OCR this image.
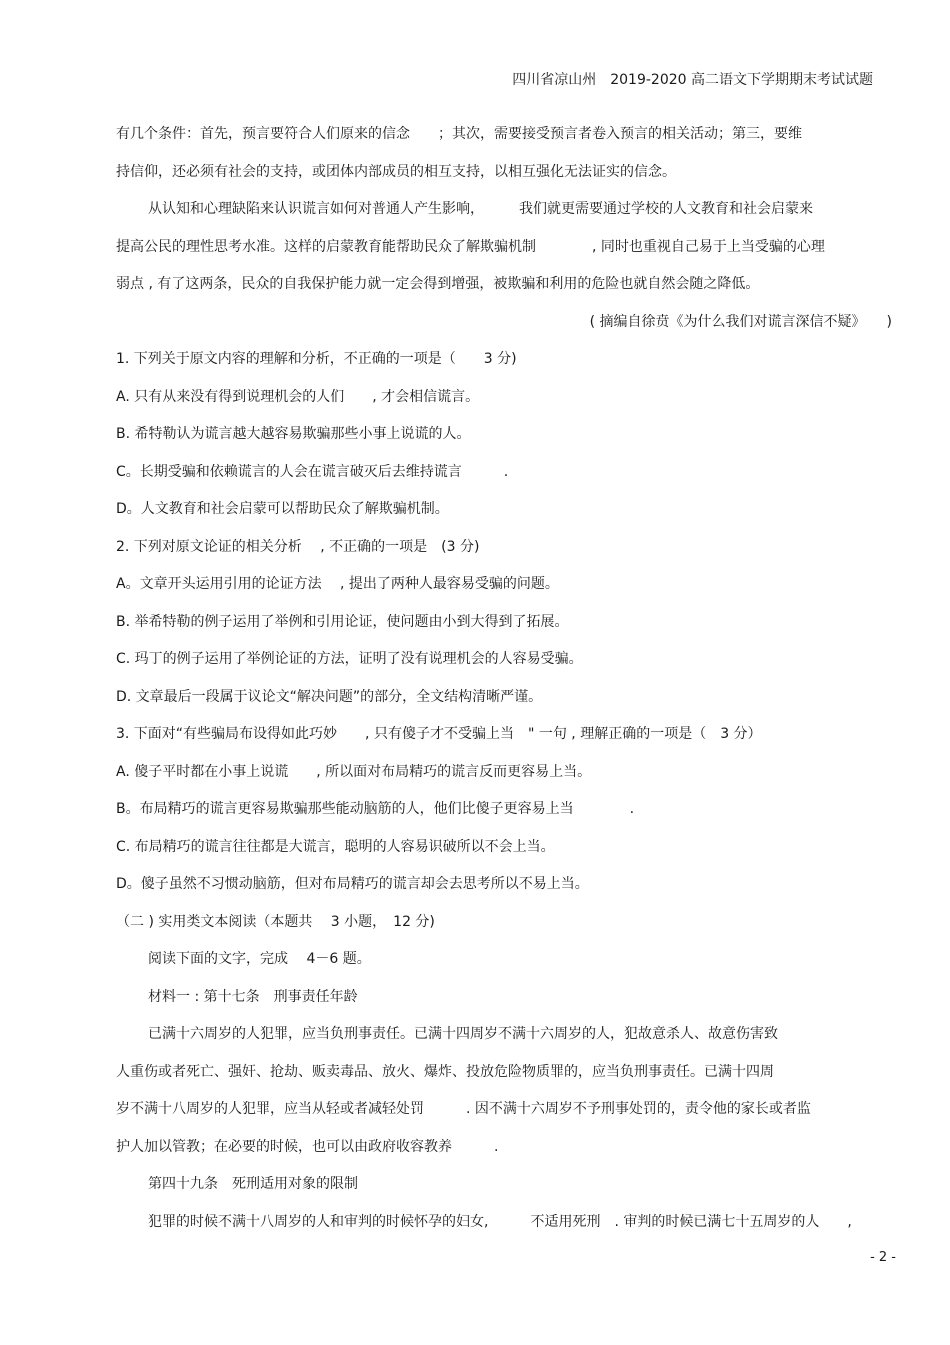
四川省凉山州　2019-2020 高二语文下学期期末考试试题
有几个条件：首先，预言要符合人们原来的信念　　；其次，需要接受预言者卷入预言的相关活动；第三，要维
持信仰，还必须有社会的支持，或团体内部成员的相互支持，以相互强化无法证实的信念。
从认知和心理缺陷来认识谎言如何对普通人产生影响，　　　我们就更需要通过学校的人文教育和社会启蒙来
提高公民的理性思考水准。这样的启蒙教育能帮助民众了解欺骗机制　　　　, 同时也重视自己易于上当受骗的心理
弱点 , 有了这两条，民众的自我保护能力就一定会得到增强，被欺骗和利用的危险也就自然会随之降低。
( 摘编自徐贲《为什么我们对谎言深信不疑》　　)
1. 下列关于原文内容的理解和分析，不正确的一项是（　　3 分)
A. 只有从来没有得到说理机会的人们　　, 才会相信谎言。
B. 希特勒认为谎言越大越容易欺骗那些小事上说谎的人。
C。长期受骗和依赖谎言的人会在谎言破灭后去维持谎言　　　.
D。人文教育和社会启蒙可以帮助民众了解欺骗机制。
2. 下列对原文论证的相关分析　 , 不正确的一项是　(3 分)
A。文章开头运用引用的论证方法　 , 提出了两种人最容易受骗的问题。
B. 举希特勒的例子运用了举例和引用论证，使问题由小到大得到了拓展。
C. 玛丁的例子运用了举例论证的方法，证明了没有说理机会的人容易受骗。
D. 文章最后一段属于议论文“解决问题”的部分，全文结构清晰严谨。
3. 下面对“有些骗局布设得如此巧妙　　, 只有傻子才不受骗上当　" 一句 , 理解正确的一项是（　3 分）
A. 傻子平时都在小事上说谎　　, 所以面对布局精巧的谎言反而更容易上当。
B。布局精巧的谎言更容易欺骗那些能动脑筋的人，他们比傻子更容易上当　　　　.
C. 布局精巧的谎言往往都是大谎言，聪明的人容易识破所以不会上当。
D。傻子虽然不习惯动脑筋，但对布局精巧的谎言却会去思考所以不易上当。
（二 ) 实用类文本阅读（本题共　 3 小题，　12 分)
阅读下面的文字，完成　 4－6 题。
材料一 : 第十七条　刑事责任年龄
已满十六周岁的人犯罪，应当负刑事责任。已满十四周岁不满十六周岁的人，犯故意杀人、故意伤害致
人重伤或者死亡、强奸、抢劫、贩卖毒品、放火、爆炸、投放危险物质罪的，应当负刑事责任。已满十四周
岁不满十八周岁的人犯罪，应当从轻或者减轻处罚　　　. 因不满十六周岁不予刑事处罚的，责令他的家长或者监
护人加以管教；在必要的时候，也可以由政府收容教养　　　.
第四十九条　死刑适用对象的限制
犯罪的时候不满十八周岁的人和审判的时候怀孕的妇女,　　　不适用死刑　. 审判的时候已满七十五周岁的人　　,
- 2 -
